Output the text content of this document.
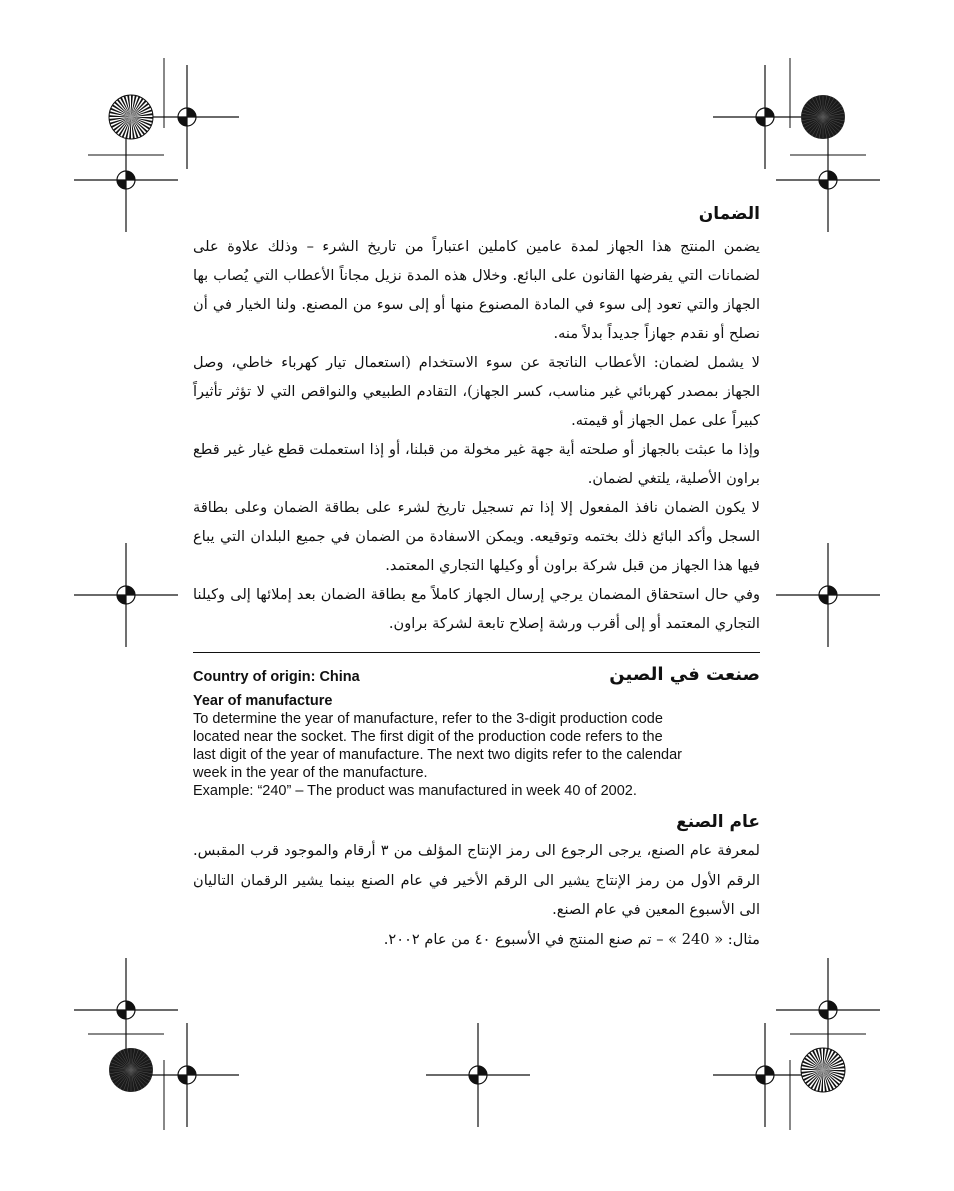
الضمان

يضمن المنتج هذا الجهاز لمدة عامين كاملين اعتباراً من تاريخ الشرء – وذلك علاوة على لضمانات التي يفرضها القانون على البائع. وخلال هذه المدة نزيل مجاناً الأعطاب التي يُصاب بها الجهاز والتي تعود إلى سوء في المادة المصنوع منها أو إلى سوء من المصنع. ولنا الخيار في أن نصلح أو نقدم جهازاً جديداً بدلاً منه.

لا يشمل لضمان: الأعطاب الناتجة عن سوء الاستخدام (استعمال تيار كهرباء خاطي، وصل الجهاز بمصدر كهربائي غير مناسب، كسر الجهاز)، التقادم الطبيعي والنواقص التي لا تؤثر تأثيراً كبيراً على عمل الجهاز أو قيمته.

وإذا ما عبثت بالجهاز أو صلحته أية جهة غير مخولة من قبلنا، أو إذا استعملت قطع غيار غير قطع براون الأصلية، يلتغي لضمان.

لا يكون الضمان نافذ المفعول إلا إذا تم تسجيل تاريخ لشرء على بطاقة الضمان وعلى بطاقة السجل وأكد البائع ذلك بختمه وتوقيعه. ويمكن الاسفادة من الضمان في جميع البلدان التي يباع فيها هذا الجهاز من قبل شركة براون أو وكيلها التجاري المعتمد.

وفي حال استحقاق المضمان يرجي إرسال الجهاز كاملاً مع بطاقة الضمان بعد إملائها إلى وكيلنا التجاري المعتمد أو إلى أقرب ورشة إصلاح تابعة لشركة براون.

صنعت في الصين
Country of origin: China
Year of manufacture

To determine the year of manufacture, refer to the 3-digit production code

located near the socket. The first digit of the production code refers to the

last digit of the year of manufacture. The next two digits refer to the calendar

week in the year of the manufacture.

Example: “240” – The product was manufactured in week 40 of 2002.

عام الصنع

لمعرفة عام الصنع، يرجى الرجوع الى رمز الإنتاج المؤلف من ٣ أرقام والموجود قرب المقبس. الرقم الأول من رمز الإنتاج يشير الى الرقم الأخير في عام الصنع بينما يشير الرقمان التاليان الى الأسبوع المعين في عام الصنع.

مثال: « 240 » – تم صنع المنتج في الأسبوع ٤٠ من عام ٢٠٠٢.
